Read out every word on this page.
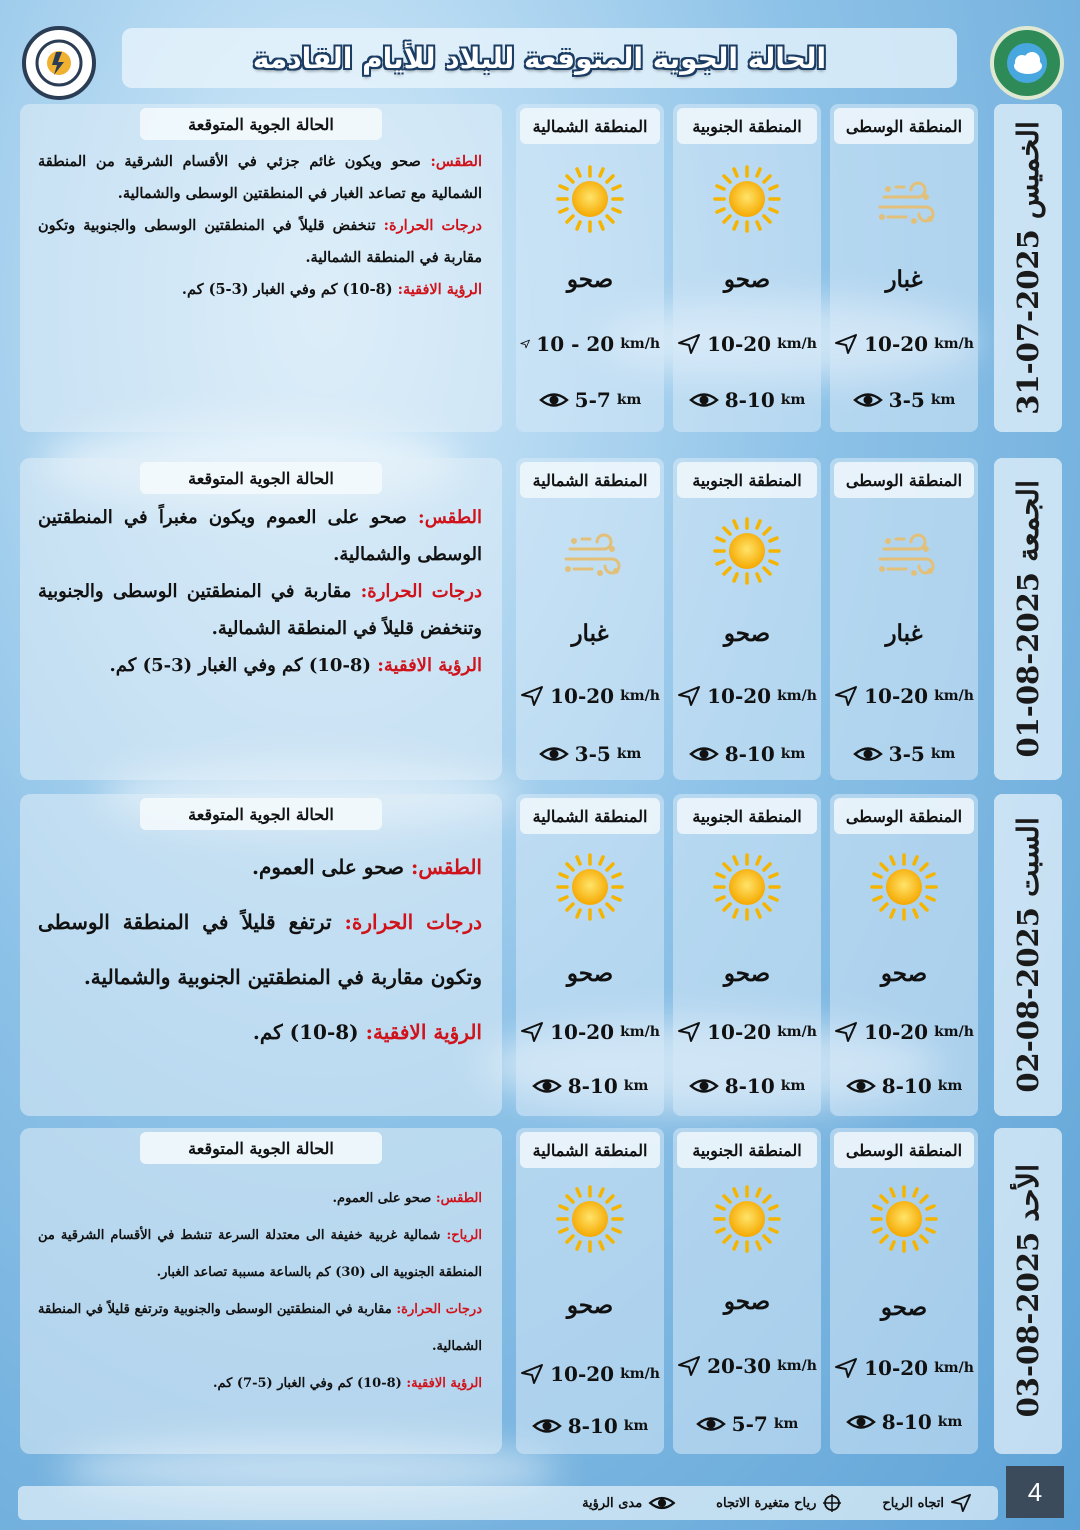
الحالة الجوية المتوقعة للبلاد للأيام القادمة
الخميس 2025-07-31
المنطقة الوسطى
غبار
10-20 km/h
3-5 km
المنطقة الجنوبية
صحو
10-20 km/h
8-10 km
المنطقة الشمالية
صحو
10 - 20 km/h
5-7 km
الحالة الجوية المتوقعة

الطقس: صحو ويكون غائم جزئي في الأقسام الشرقية من المنطقة الشمالية مع تصاعد الغبار في المنطقتين الوسطى والشمالية.

درجات الحرارة: تنخفض قليلاً في المنطقتين الوسطى والجنوبية وتكون مقاربة في المنطقة الشمالية.

الرؤية الافقية: (8-10) كم وفي الغبار (3-5) كم.

الجمعة 2025-08-01
المنطقة الوسطى
غبار
10-20 km/h
3-5 km
المنطقة الجنوبية
صحو
10-20 km/h
8-10 km
المنطقة الشمالية
غبار
10-20 km/h
3-5 km
الحالة الجوية المتوقعة

الطقس: صحو على العموم ويكون مغبراً في المنطقتين الوسطى والشمالية.

درجات الحرارة: مقاربة في المنطقتين الوسطى والجنوبية وتنخفض قليلاً في المنطقة الشمالية.

الرؤية الافقية: (8-10) كم وفي الغبار (3-5) كم.

السبت 2025-08-02
المنطقة الوسطى
صحو
10-20 km/h
8-10 km
المنطقة الجنوبية
صحو
10-20 km/h
8-10 km
المنطقة الشمالية
صحو
10-20 km/h
8-10 km
الحالة الجوية المتوقعة

الطقس: صحو على العموم.

درجات الحرارة: ترتفع قليلاً في المنطقة الوسطى وتكون مقاربة في المنطقتين الجنوبية والشمالية.

الرؤية الافقية: (8-10) كم.

الأحد 2025-08-03
المنطقة الوسطى
صحو
10-20 km/h
8-10 km
المنطقة الجنوبية
صحو
20-30 km/h
5-7 km
المنطقة الشمالية
صحو
10-20 km/h
8-10 km
الحالة الجوية المتوقعة

الطقس: صحو على العموم.

الرياح: شمالية غربية خفيفة الى معتدلة السرعة تنشط في الأقسام الشرقية من المنطقة الجنوبية الى (30) كم بالساعة مسببة تصاعد الغبار.

درجات الحرارة: مقاربة في المنطقتين الوسطى والجنوبية وترتفع قليلاً في المنطقة الشمالية.

الرؤية الافقية: (8-10) كم وفي الغبار (5-7) كم.

اتجاه الرياح
رياح متغيرة الاتجاه
مدى الرؤية	4
